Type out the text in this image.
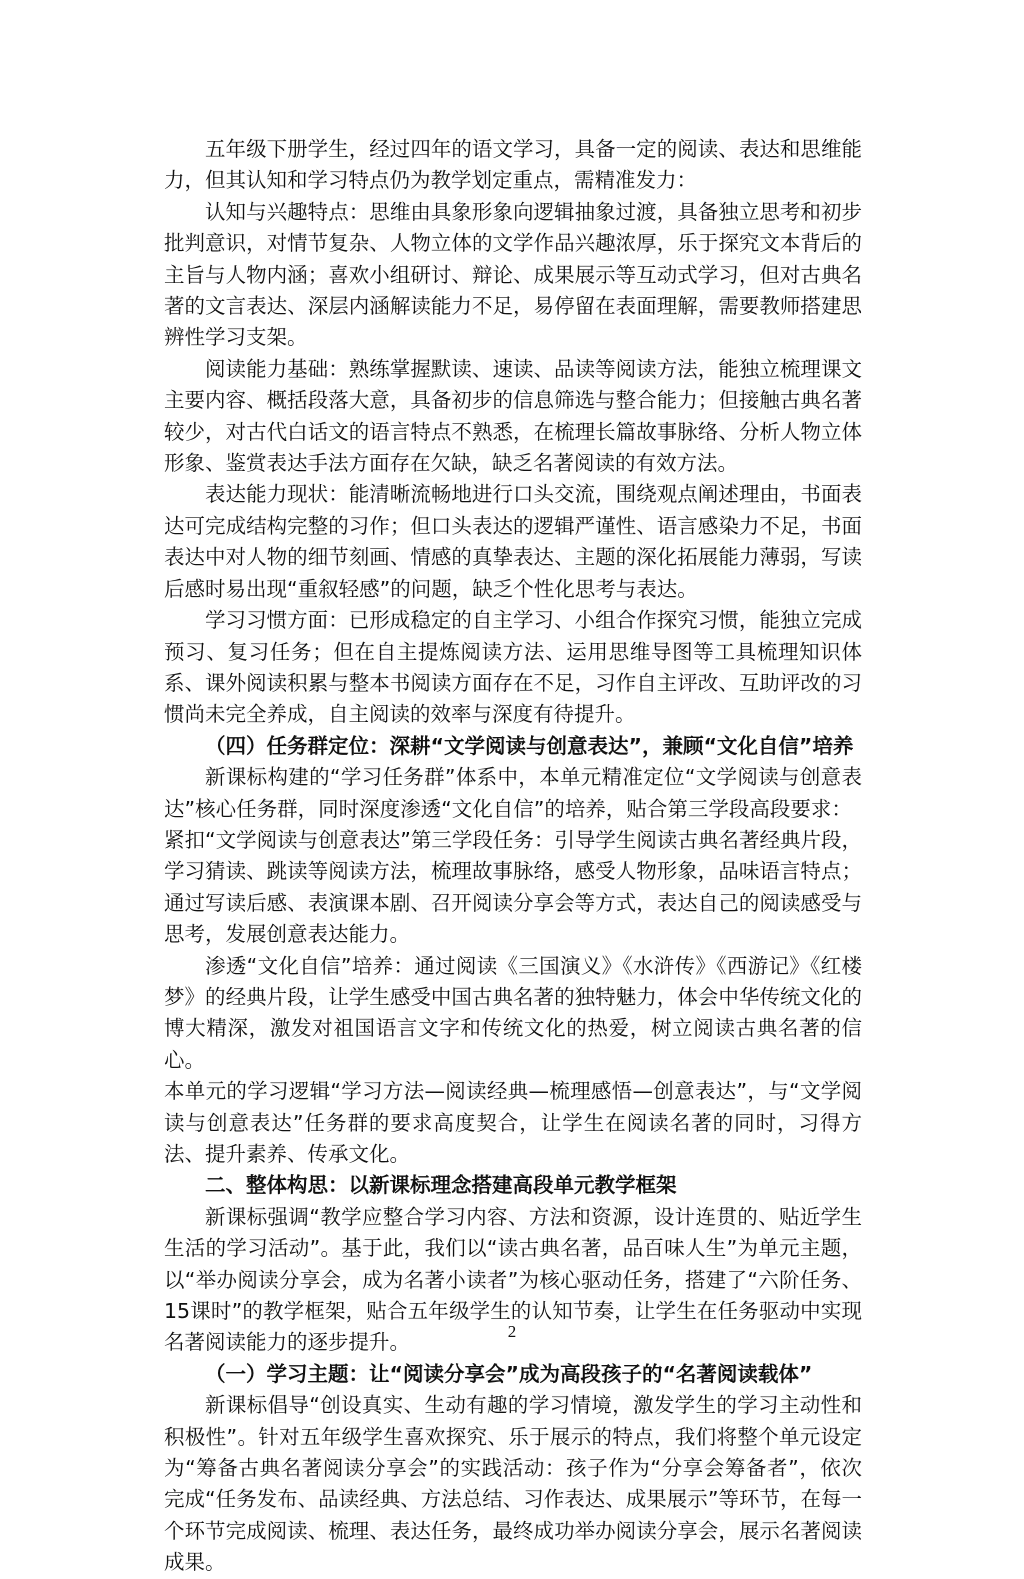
五年级下册学生，经过四年的语文学习，具备一定的阅读、表达和思维能力，但其认知和学习特点仍为教学划定重点，需精准发力：

认知与兴趣特点：思维由具象形象向逻辑抽象过渡，具备独立思考和初步批判意识，对情节复杂、人物立体的文学作品兴趣浓厚，乐于探究文本背后的主旨与人物内涵；喜欢小组研讨、辩论、成果展示等互动式学习，但对古典名著的文言表达、深层内涵解读能力不足，易停留在表面理解，需要教师搭建思辨性学习支架。

阅读能力基础：熟练掌握默读、速读、品读等阅读方法，能独立梳理课文主要内容、概括段落大意，具备初步的信息筛选与整合能力；但接触古典名著较少，对古代白话文的语言特点不熟悉，在梳理长篇故事脉络、分析人物立体形象、鉴赏表达手法方面存在欠缺，缺乏名著阅读的有效方法。

表达能力现状：能清晰流畅地进行口头交流，围绕观点阐述理由，书面表达可完成结构完整的习作；但口头表达的逻辑严谨性、语言感染力不足，书面表达中对人物的细节刻画、情感的真挚表达、主题的深化拓展能力薄弱，写读后感时易出现“重叙轻感”的问题，缺乏个性化思考与表达。

学习习惯方面：已形成稳定的自主学习、小组合作探究习惯，能独立完成预习、复习任务；但在自主提炼阅读方法、运用思维导图等工具梳理知识体系、课外阅读积累与整本书阅读方面存在不足，习作自主评改、互助评改的习惯尚未完全养成，自主阅读的效率与深度有待提升。

（四）任务群定位：深耕“文学阅读与创意表达”，兼顾“文化自信”培养

新课标构建的“学习任务群”体系中，本单元精准定位“文学阅读与创意表达”核心任务群，同时深度渗透“文化自信”的培养，贴合第三学段高段要求：

紧扣“文学阅读与创意表达”第三学段任务：引导学生阅读古典名著经典片段，学习猜读、跳读等阅读方法，梳理故事脉络，感受人物形象，品味语言特点；通过写读后感、表演课本剧、召开阅读分享会等方式，表达自己的阅读感受与思考，发展创意表达能力。

渗透“文化自信”培养：通过阅读《三国演义》《水浒传》《西游记》《红楼梦》的经典片段，让学生感受中国古典名著的独特魅力，体会中华传统文化的博大精深，激发对祖国语言文字和传统文化的热爱，树立阅读古典名著的信心。

本单元的学习逻辑“学习方法—阅读经典—梳理感悟—创意表达”，与“文学阅读与创意表达”任务群的要求高度契合，让学生在阅读名著的同时，习得方法、提升素养、传承文化。

二、整体构思：以新课标理念搭建高段单元教学框架

新课标强调“教学应整合学习内容、方法和资源，设计连贯的、贴近学生生活的学习活动”。基于此，我们以“读古典名著，品百味人生”为单元主题，以“举办阅读分享会，成为名著小读者”为核心驱动任务，搭建了“六阶任务、15课时”的教学框架，贴合五年级学生的认知节奏，让学生在任务驱动中实现名著阅读能力的逐步提升。

（一）学习主题：让“阅读分享会”成为高段孩子的“名著阅读载体”

新课标倡导“创设真实、生动有趣的学习情境，激发学生的学习主动性和积极性”。针对五年级学生喜欢探究、乐于展示的特点，我们将整个单元设定为“筹备古典名著阅读分享会”的实践活动：孩子作为“分享会筹备者”，依次完成“任务发布、品读经典、方法总结、习作表达、成果展示”等环节，在每一个环节完成阅读、梳理、表达任务，最终成功举办阅读分享会，展示名著阅读成果。

2
